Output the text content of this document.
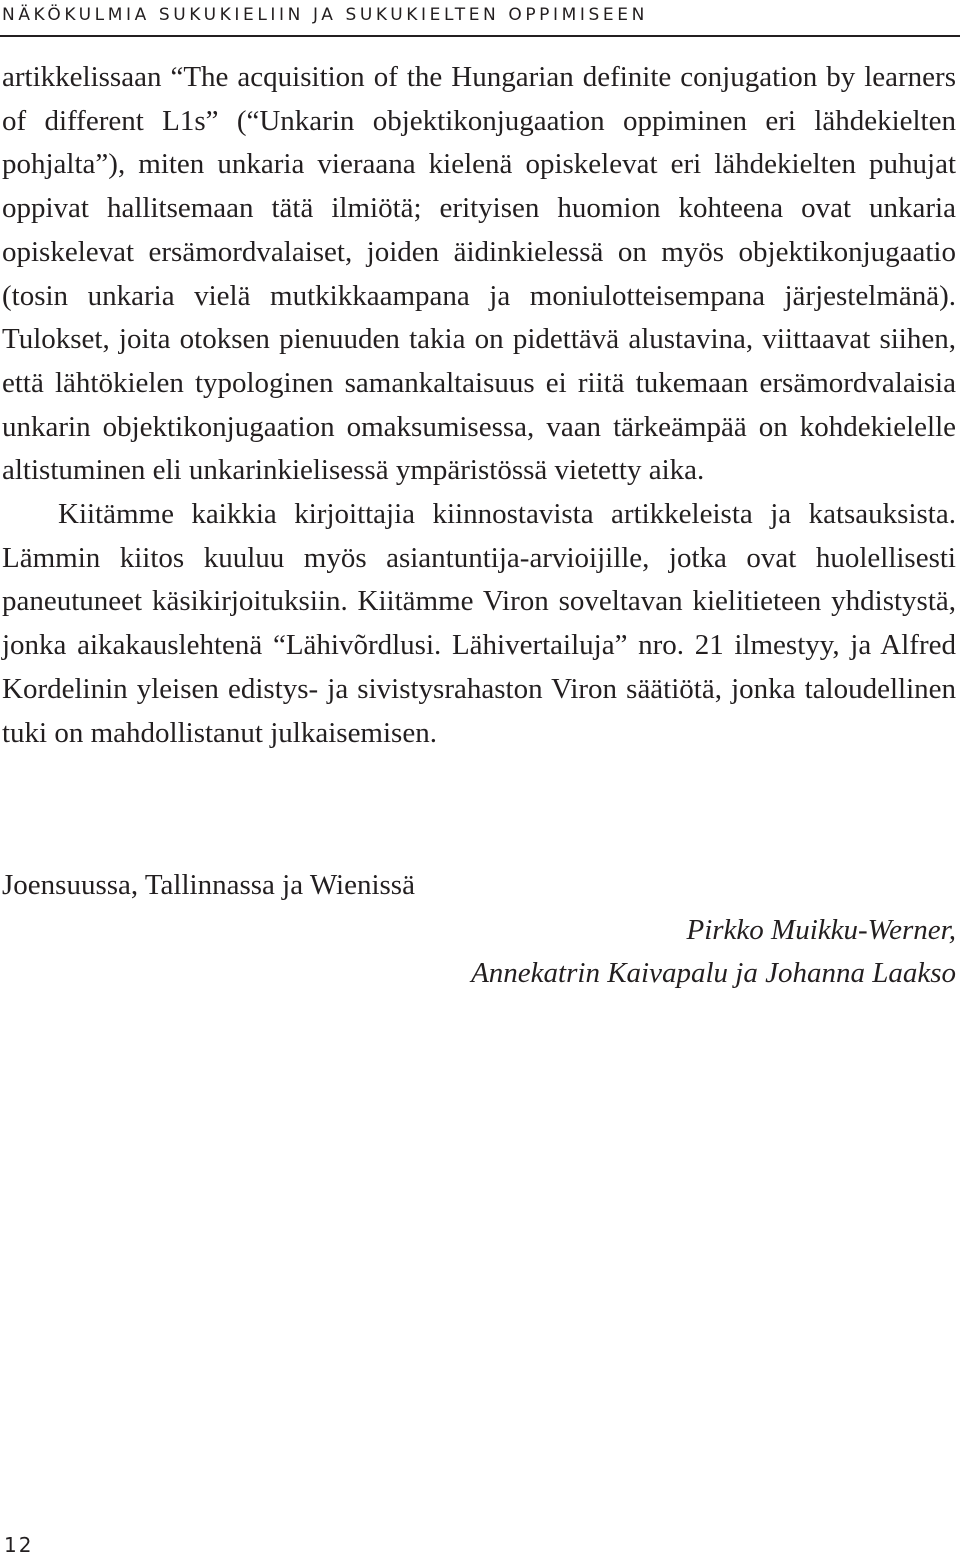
NÄKÖKULMIA SUKUKIELIIN JA SUKUKIELTEN OPPIMISEEN

artikkelissaan “The acquisition of the Hungarian definite conjugation by learners of different L1s” (“Unkarin objektikonjugaation oppiminen eri lähdekielten pohjalta”), miten unkaria vieraana kielenä opiskelevat eri lähdekielten puhujat oppivat hallitsemaan tätä ilmiötä; erityisen huomion kohteena ovat unkaria opiskelevat ersämordvalaiset, joiden äidinkielessä on myös objektikonjugaatio (tosin unkaria vielä mutkikkaampana ja moniulotteisempana järjestelmänä). Tulokset, joita otoksen pienuuden takia on pidettävä alustavina, viittaavat siihen, että lähtökielen typologinen samankaltaisuus ei riitä tukemaan ersämordvalaisia unkarin objektikonjugaation omaksumisessa, vaan tärkeämpää on kohdekielelle altistuminen eli unkarinkielisessä ympäristössä vietetty aika.

Kiitämme kaikkia kirjoittajia kiinnostavista artikkeleista ja katsauksista. Lämmin kiitos kuuluu myös asiantuntija-arvioijille, jotka ovat huolellisesti paneutuneet käsikirjoituksiin. Kiitämme Viron soveltavan kielitieteen yhdistystä, jonka aikakauslehtenä “Lähivõrdlusi. Lähivertailuja” nro. 21 ilmestyy, ja Alfred Kordelinin yleisen edistys- ja sivistysrahaston Viron säätiötä, jonka taloudellinen tuki on mahdollistanut julkaisemisen.

Joensuussa, Tallinnassa ja Wienissä
Pirkko Muikku-Werner,
Annekatrin Kaivapalu ja Johanna Laakso
12
